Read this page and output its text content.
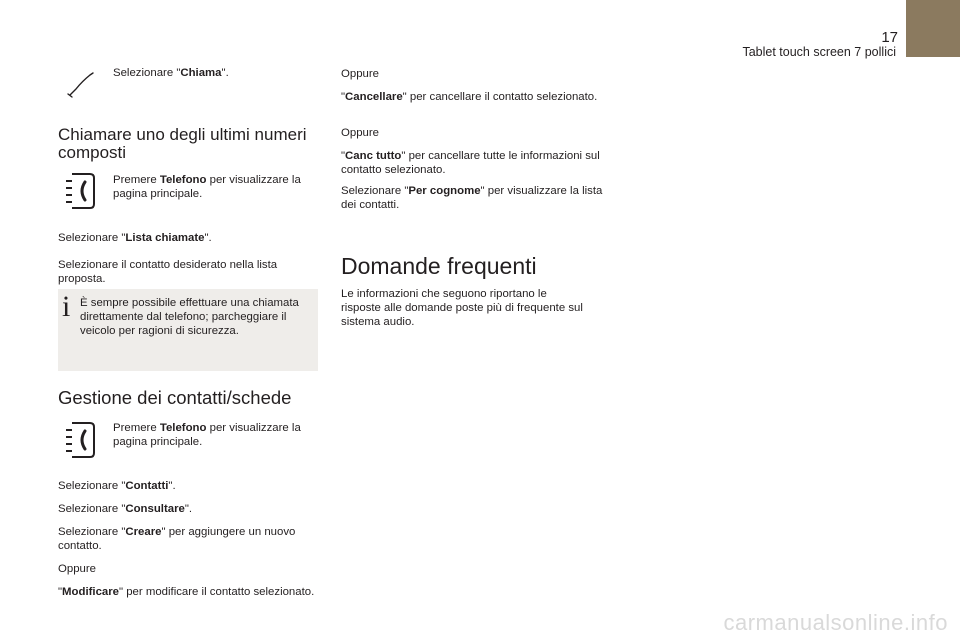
17
Tablet touch screen 7 pollici

Selezionare "Chiama".

Chiamare uno degli ultimi numeri composti

Premere Telefono per visualizzare la pagina principale.

Selezionare "Lista chiamate".

Selezionare il contatto desiderato nella lista proposta.

i È sempre possibile effettuare una chiamata direttamente dal telefono; parcheggiare il veicolo per ragioni di sicurezza.

Gestione dei contatti/schede

Premere Telefono per visualizzare la pagina principale.

Selezionare "Contatti".

Selezionare "Consultare".

Selezionare "Creare" per aggiungere un nuovo contatto.

Oppure

"Modificare" per modificare il contatto selezionato.

Oppure

"Cancellare" per cancellare il contatto selezionato.

Oppure

"Canc tutto" per cancellare tutte le informazioni sul contatto selezionato.

Selezionare "Per cognome" per visualizzare la lista dei contatti.

Domande frequenti

Le informazioni che seguono riportano le risposte alle domande poste più di frequente sul sistema audio.

carmanualsonline.info
